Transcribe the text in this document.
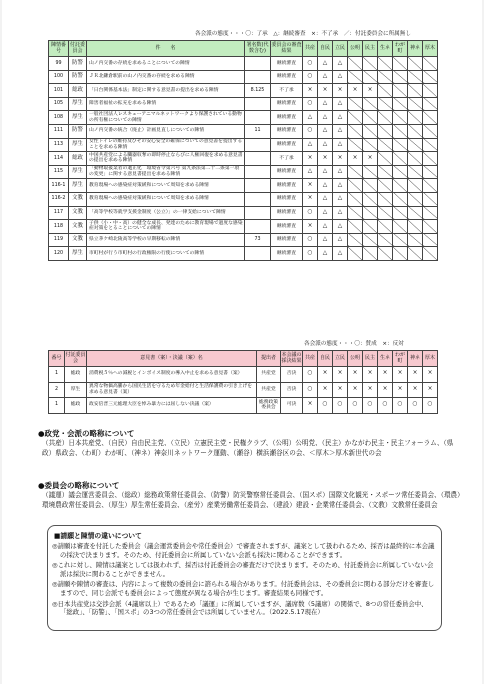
各会派の態度・・・〇：了承　△：継続審査　×：不了承　／：付託委員会に所属無し
陳情番号	付託委員会	件　　名	署名数(代数含む)	委員会の審査結果	共産	自民	立民	公明	民主	生ネ	わが町	神ネ	厚木
99	防警	山ノ内交番の存続を求めることについての陳情		継続審査	○	△	△						
100	防警	ＪＲ北鎌倉駅前の山ノ内交番の存続を求める陳情		継続審査	○	△	△						
101	総政	「日台関係基本法」制定に関する意見書の提出を求める陳情	8.125	不了承	×	×	×	×	×				
105	厚生	障害者福祉の拡充を求める陳情		継続審査	○	△	△						
108	厚生	一般社団法人レスキューアニマルネットワークより保護されている動物の所有権についての陳情		継続審査	△	△	△						
111	防警	山ノ内交番の統合（廃止）計画見直しについての陳情	11	継続審査	○	△	△						
113	厚生	女性トイレの維持及びその安心安全の確保についての意見書を提出することを求める陳情		継続審査	△	△	△						
114	総政	中国共産党による臓器収奪の即時停止ならびに人権回復を求める意見書の提出を求める陳情		不了承	×	×	×	×	×				
115	厚生	「動物取扱業者の適正化　環境省令第六号 第九条法第二十二条第一項の変更」に関する意見書提出を求める陳情		継続審査	△	△	△						
116-1	厚生	教育現場への感染症対策緩和について周知を求める陳情		継続審査	×	△	△						
116-2	文教	教育現場への感染症対策緩和について周知を求める陳情		継続審査	×	△	△						
117	文教	「高等学校等就学支援金制度（公立）」の一律支給について陳情		継続審査	○	△	△						
118	文教	子供（小・中・高）の健全な成長、発達のために教育現場で過度な感染症対策をとることについての陳情		継続審査	×	△	△						
119	文教	県立茅ケ崎北陵高等学校の早期移転の陳情	73	継続審査	○	△	△						
120	厚生	市町村が行う市町村の行政権限の行使についての陳情		継続審査	○	△	△						
各会派の態度・・・〇：賛成　×：反対
番号	付託委員会	意見書（案）・決議（案）名	提出者	本会議の採決結果	共産	自民	立民	公明	民主	生ネ	わが町	神ネ	厚木
1	総政	消費税５％への減税とインボイス制度の導入中止を求める意見書（案）	共産党	否決	○	×	×	×	×	×	×	×	×
2	厚生	異常な物価高騰から国民生活を守るため年金給付と生活保護費の引き上げを求める意見書（案）	共産党	否決	○	×	×	×	×	×	×	×	×
1	総政	政安倍晋三元総理大臣を悼み暴力には屈しない決議（案）	総務政策委員会	可決	×	○	○	○	○	○	○	○	○
●政党・会派の略称について
（共産）日本共産党、（自民）自由民主党、（立民）立憲民主党・民権クラブ、（公明）公明党、（民主）かながわ民主・民主フォーラム、（県政）県政会、（わ町）わが町、（神ネ）神奈川ネットワーク運動、（瀬谷）横浜瀬谷区の会、＜厚木＞厚木新世代の会
●委員会の略称について
（議運）議会運営委員会、（総政）総務政策常任委員会、（防警）防災警察常任委員会、（国スポ）国際文化観光・スポーツ常任委員会、（環農）環境農政常任委員会、（厚生）厚生常任委員会、（産労）産業労働常任委員会、（建設）建設・企業常任委員会、（文教）文教常任委員会
■請願と陳情の違いについて
◎請願は審査を付託した委員会（議会運営委員会や常任委員会）で審査されますが、議案として扱われるため、採否は最終的に本会議の採決で決まります。そのため、付託委員会に所属していない会派も採決に関わることができます。
◎これに対し、陳情は議案としては扱われず、採否は付託委員会の審査だけで決まります。そのため、付託委員会に所属していない会派は採決に関わることができません。
◎請願や陳情の審査は、内容によって複数の委員会に諮られる場合があります。付託委員会は、その委員会に関わる部分だけを審査しますので、同じ会派でも委員会によって態度が異なる場合が生じます。審査結果も同様です。
◎日本共産党は交渉会派（4議席以上）であるため「議運」に所属していますが、議席数（5議席）の関係で、8つの常任委員会中、「総政」、「防警」、「国スポ」の3つの常任委員会では所属していません。（2022.5.17現在）
